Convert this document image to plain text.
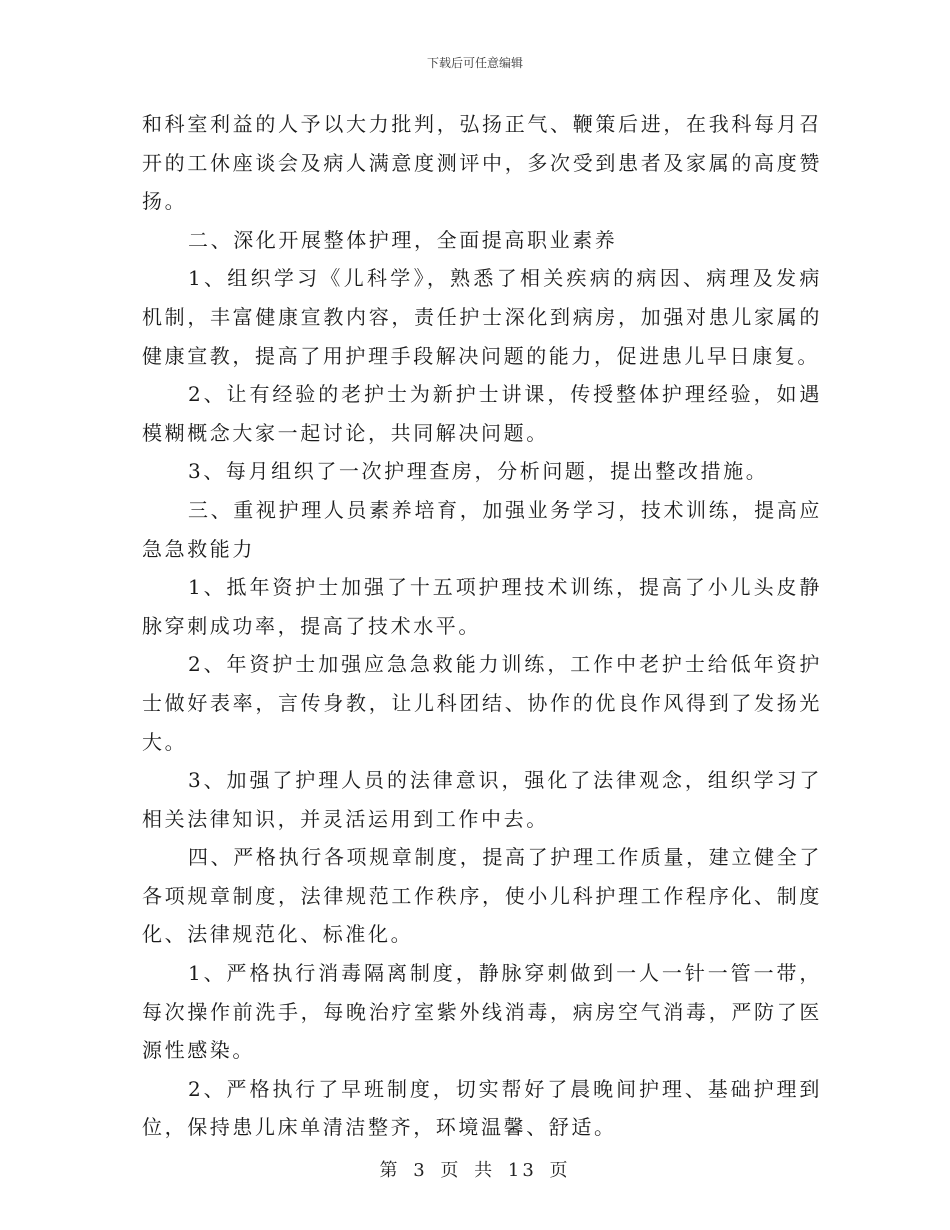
下载后可任意编辑

和科室利益的人予以大力批判，弘扬正气、鞭策后进，在我科每月召开的工休座谈会及病人满意度测评中，多次受到患者及家属的高度赞扬。

二、深化开展整体护理，全面提高职业素养

1、组织学习《儿科学》，熟悉了相关疾病的病因、病理及发病机制，丰富健康宣教内容，责任护士深化到病房，加强对患儿家属的健康宣教，提高了用护理手段解决问题的能力，促进患儿早日康复。

2、让有经验的老护士为新护士讲课，传授整体护理经验，如遇模糊概念大家一起讨论，共同解决问题。

3、每月组织了一次护理查房，分析问题，提出整改措施。

三、重视护理人员素养培育，加强业务学习，技术训练，提高应急急救能力

1、抵年资护士加强了十五项护理技术训练，提高了小儿头皮静脉穿刺成功率，提高了技术水平。

2、年资护士加强应急急救能力训练，工作中老护士给低年资护士做好表率，言传身教，让儿科团结、协作的优良作风得到了发扬光大。

3、加强了护理人员的法律意识，强化了法律观念，组织学习了相关法律知识，并灵活运用到工作中去。

四、严格执行各项规章制度，提高了护理工作质量，建立健全了各项规章制度，法律规范工作秩序，使小儿科护理工作程序化、制度化、法律规范化、标准化。

1、严格执行消毒隔离制度，静脉穿刺做到一人一针一管一带，每次操作前洗手，每晚治疗室紫外线消毒，病房空气消毒，严防了医源性感染。

2、严格执行了早班制度，切实帮好了晨晚间护理、基础护理到位，保持患儿床单清洁整齐，环境温馨、舒适。

第 3 页 共 13 页
